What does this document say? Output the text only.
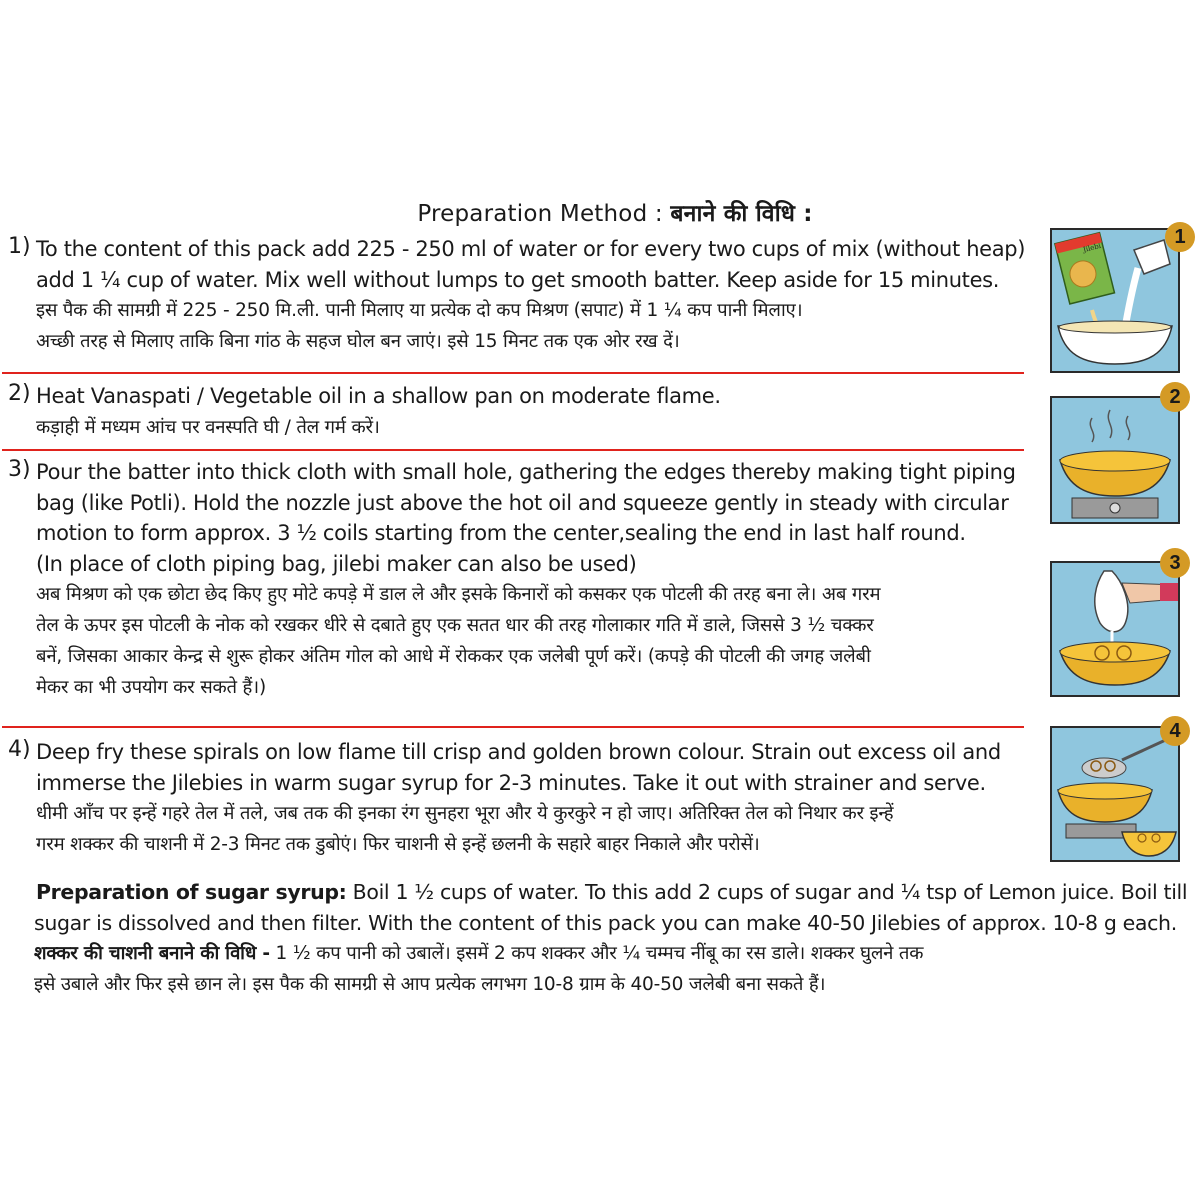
Preparation Method : बनाने की विधि :
1) To the content of this pack add 225 - 250 ml of water or for every two cups of mix (without heap)
add 1 ¼ cup of water. Mix well without lumps to get smooth batter. Keep aside for 15 minutes.
इस पैक की सामग्री में 225 - 250 मि.ली. पानी मिलाए या प्रत्येक दो कप मिश्रण (सपाट) में 1 ¼ कप पानी मिलाए।
अच्छी तरह से मिलाए ताकि बिना गांठ के सहज घोल बन जाएं। इसे 15 मिनट तक एक ओर रख दें।
2) Heat Vanaspati / Vegetable oil in a shallow pan on moderate flame.
कड़ाही में मध्यम आंच पर वनस्पति घी / तेल गर्म करें।
3) Pour the batter into thick cloth with small hole, gathering the edges thereby making tight piping
bag (like Potli). Hold the nozzle just above the hot oil and squeeze gently in steady with circular
motion to form approx. 3 ½ coils starting from the center,sealing the end in last half round.
(In place of cloth piping bag, jilebi maker can also be used)
अब मिश्रण को एक छोटा छेद किए हुए मोटे कपड़े में डाल ले और इसके किनारों को कसकर एक पोटली की तरह बना ले। अब गरम
तेल के ऊपर इस पोटली के नोक को रखकर धीरे से दबाते हुए एक सतत धार की तरह गोलाकार गति में डाले, जिससे 3 ½ चक्कर
बनें, जिसका आकार केन्द्र से शुरू होकर अंतिम गोल को आधे में रोककर एक जलेबी पूर्ण करें। (कपड़े की पोटली की जगह जलेबी
मेकर का भी उपयोग कर सकते हैं।)
4) Deep fry these spirals on low flame till crisp and golden brown colour. Strain out excess oil and
immerse the Jilebies in warm sugar syrup for 2-3 minutes. Take it out with strainer and serve.
धीमी आँच पर इन्हें गहरे तेल में तले, जब तक की इनका रंग सुनहरा भूरा और ये कुरकुरे न हो जाए। अतिरिक्त तेल को निथार कर इन्हें
गरम शक्कर की चाशनी में 2-3 मिनट तक डुबोएं। फिर चाशनी से इन्हें छलनी के सहारे बाहर निकाले और परोसें।
Preparation of sugar syrup: Boil 1 ½ cups of water. To this add 2 cups of sugar and ¼ tsp of Lemon juice. Boil till
sugar is dissolved and then filter. With the content of this pack you can make 40-50 Jilebies of approx. 10-8 g each.
शक्कर की चाशनी बनाने की विधि - 1 ½ कप पानी को उबालें। इसमें 2 कप शक्कर और ¼ चम्मच नींबू का रस डाले। शक्कर घुलने तक
इसे उबाले और फिर इसे छान ले। इस पैक की सामग्री से आप प्रत्येक लगभग 10-8 ग्राम के 40-50 जलेबी बना सकते हैं।
Jilebi	1
2
3
4
